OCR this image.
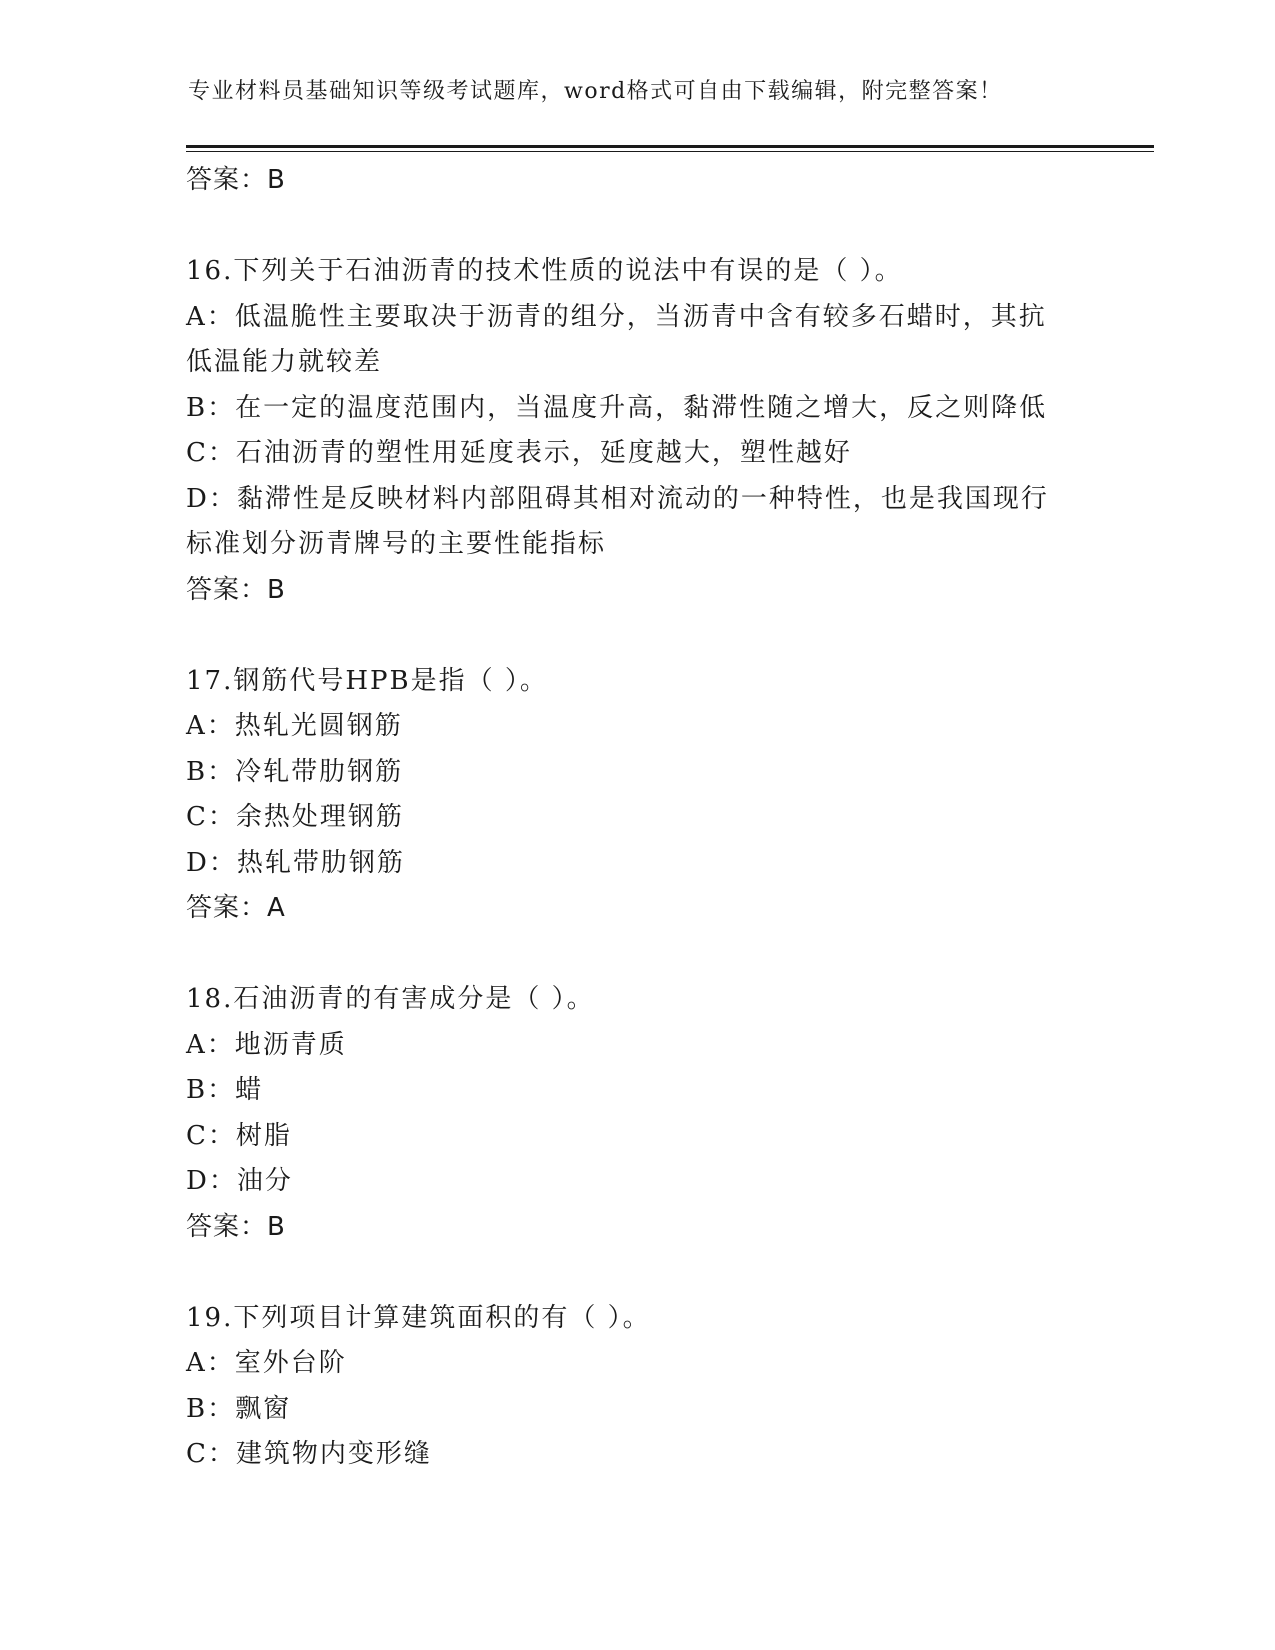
专业材料员基础知识等级考试题库，word格式可自由下载编辑，附完整答案！
答案：B
16.下列关于石油沥青的技术性质的说法中有误的是（ ）。
A：低温脆性主要取决于沥青的组分，当沥青中含有较多石蜡时，其抗
低温能力就较差
B：在一定的温度范围内，当温度升高，黏滞性随之增大，反之则降低
C：石油沥青的塑性用延度表示，延度越大，塑性越好
D：黏滞性是反映材料内部阻碍其相对流动的一种特性，也是我国现行
标准划分沥青牌号的主要性能指标
答案：B
17.钢筋代号HPB是指（ ）。
A：热轧光圆钢筋
B：冷轧带肋钢筋
C：余热处理钢筋
D：热轧带肋钢筋
答案：A
18.石油沥青的有害成分是（ ）。
A：地沥青质
B：蜡
C：树脂
D：油分
答案：B
19.下列项目计算建筑面积的有（ ）。
A：室外台阶
B：飘窗
C：建筑物内变形缝
